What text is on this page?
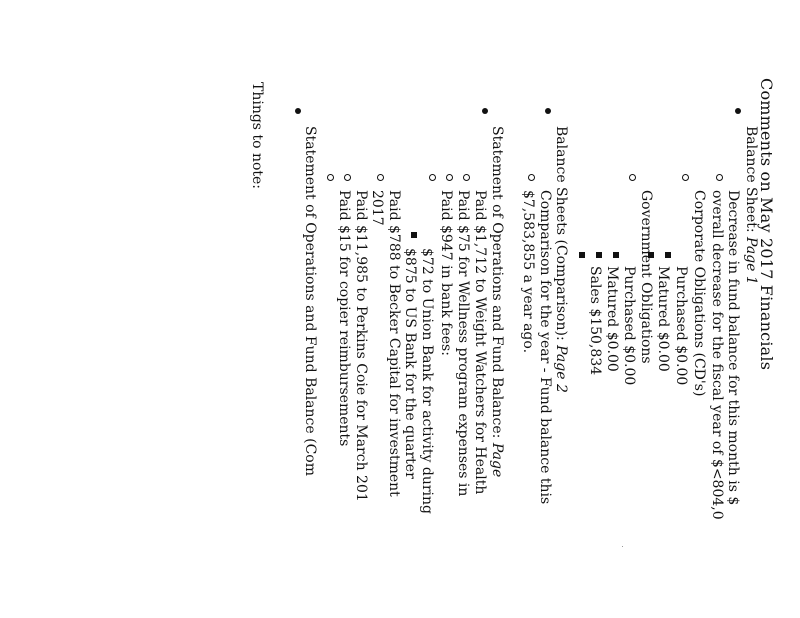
Comments on May 2017 Financials
Balance Sheet: Page 1
Decrease in fund balance for this month is $
overall decrease for the fiscal year of $<804,0
Corporate Obligations (CD's)
Purchased $0.00
Matured $0.00
Government Obligations
Purchased $0.00
Matured $0.00
Sales $150,834
Balance Sheets (Comparison): Page 2
Comparison for the year - Fund balance this
$7,583,855 a year ago.
Statement of Operations and Fund Balance: Page
Paid $1,712 to Weight Watchers for Health
Paid $75 for Wellness program expenses in
Paid $947 in bank fees:
$72 to Union Bank for activity during
$875 to US Bank for the quarter
Paid $788 to Becker Capital for investment
2017
Paid $11,985 to Perkins Coie for March 201
Paid $15 for copier reimbursements
Statement of Operations and Fund Balance (Com
Things to note:
